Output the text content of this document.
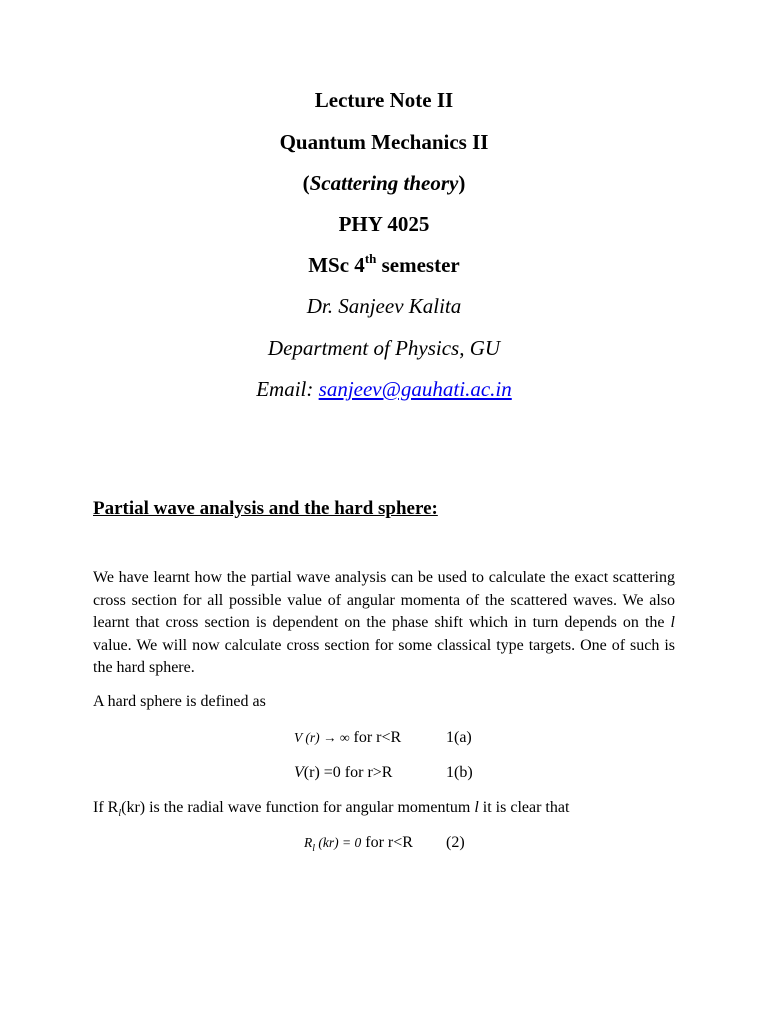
Lecture Note II
Quantum Mechanics II
(Scattering theory)
PHY 4025
MSc 4th semester
Dr. Sanjeev Kalita
Department of Physics, GU
Email: sanjeev@gauhati.ac.in
Partial wave analysis and the hard sphere:
We have learnt how the partial wave analysis can be used to calculate the exact scattering cross section for all possible value of angular momenta of the scattered waves. We also learnt that cross section is dependent on the phase shift which in turn depends on the l value. We will now calculate cross section for some classical type targets. One of such is the hard sphere.
A hard sphere is defined as
V (r) → ∞ for r<R	1(a)
V(r) =0 for r>R	1(b)
If $R_l(kr)$ is the radial wave function for angular momentum l it is clear that
$R_l$ (kr) = 0 for r<R (2)
